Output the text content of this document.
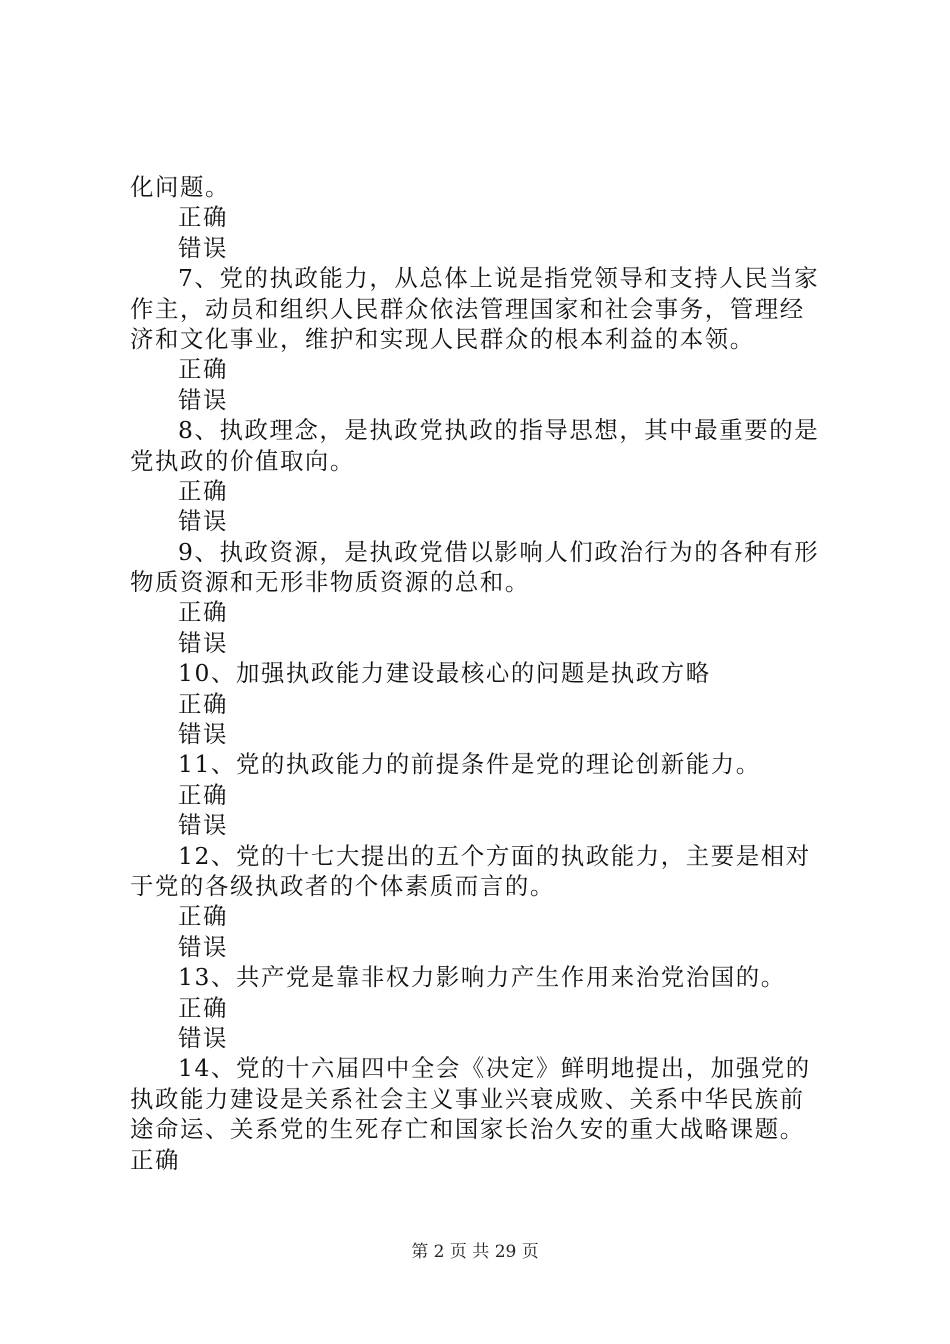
化问题。
正确
错误
7、党的执政能力，从总体上说是指党领导和支持人民当家
作主，动员和组织人民群众依法管理国家和社会事务，管理经
济和文化事业，维护和实现人民群众的根本利益的本领。
正确
错误
8、执政理念，是执政党执政的指导思想，其中最重要的是
党执政的价值取向。
正确
错误
9、执政资源，是执政党借以影响人们政治行为的各种有形
物质资源和无形非物质资源的总和。
正确
错误
10、加强执政能力建设最核心的问题是执政方略
正确
错误
11、党的执政能力的前提条件是党的理论创新能力。
正确
错误
12、党的十七大提出的五个方面的执政能力，主要是相对
于党的各级执政者的个体素质而言的。
正确
错误
13、共产党是靠非权力影响力产生作用来治党治国的。
正确
错误
14、党的十六届四中全会《决定》鲜明地提出，加强党的
执政能力建设是关系社会主义事业兴衰成败、关系中华民族前
途命运、关系党的生死存亡和国家长治久安的重大战略课题。
正确
第 2 页 共 29 页
